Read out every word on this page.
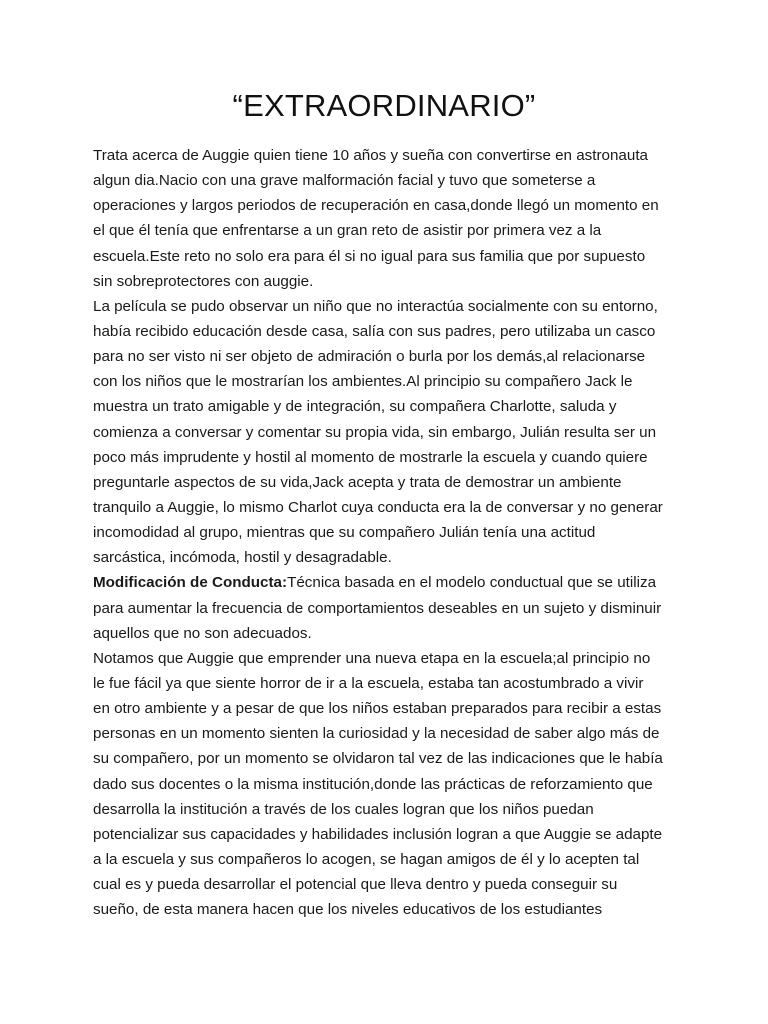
“EXTRAORDINARIO”
Trata acerca de Auggie quien tiene 10 años y sueña con convertirse en astronauta
algun dia.Nacio con una grave malformación facial y tuvo que someterse a
operaciones y largos periodos de recuperación en casa,donde llegó un momento en
el que él tenía que enfrentarse a un gran reto de asistir por primera vez a la
escuela.Este reto no solo era para él si no igual para sus familia que por supuesto
sin sobreprotectores con auggie.
La película se pudo observar un niño que no interactúa socialmente con su entorno,
había recibido educación desde casa, salía con sus padres, pero utilizaba un casco
para no ser visto ni ser objeto de admiración o burla por los demás,al relacionarse
con los niños que le mostrarían los ambientes.Al principio su compañero Jack le
muestra un trato amigable y de integración, su compañera Charlotte, saluda y
comienza a conversar y comentar su propia vida, sin embargo, Julián resulta ser un
poco más imprudente y hostil al momento de mostrarle la escuela y cuando quiere
preguntarle aspectos de su vida,Jack acepta y trata de demostrar un ambiente
tranquilo a Auggie, lo mismo Charlot cuya conducta era la de conversar y no generar
incomodidad al grupo, mientras que su compañero Julián tenía una actitud
sarcástica, incómoda, hostil y desagradable.
Modificación de Conducta:Técnica basada en el modelo conductual que se utiliza
para aumentar la frecuencia de comportamientos deseables en un sujeto y disminuir
aquellos que no son adecuados.
Notamos que Auggie que emprender una nueva etapa en la escuela;al principio no
le fue fácil ya que siente horror de ir a la escuela, estaba tan acostumbrado a vivir
en otro ambiente y a pesar de que los niños estaban preparados para recibir a estas
personas en un momento sienten la curiosidad y la necesidad de saber algo más de
su compañero, por un momento se olvidaron tal vez de las indicaciones que le había
dado sus docentes o la misma institución,donde las prácticas de reforzamiento que
desarrolla la institución a través de los cuales logran que los niños puedan
potencializar sus capacidades y habilidades inclusión logran a que Auggie se adapte
a la escuela y sus compañeros lo acogen, se hagan amigos de él y lo acepten tal
cual es y pueda desarrollar el potencial que lleva dentro y pueda conseguir su
sueño, de esta manera hacen que los niveles educativos de los estudiantes
